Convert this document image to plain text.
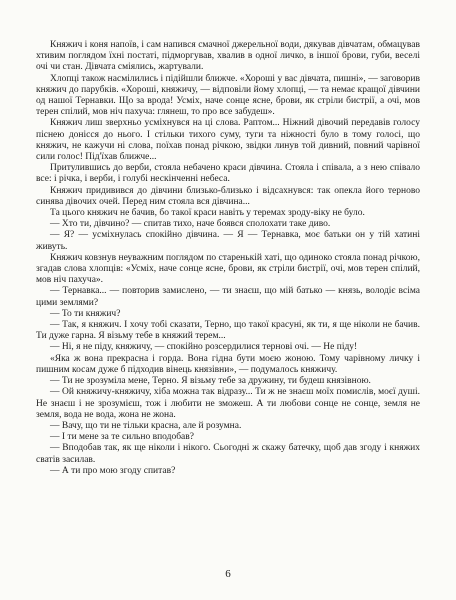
Княжич і коня напоїв, і сам напився смачної джерельної води, дякував дівчатам, обмацував хтивим поглядом їхні постаті, підморгував, хвалив в одної личко, в іншої брови, губи, веселі очі чи стан. Дівчата сміялись, жартували.

Хлопці також насмілились і підійшли ближче. «Хороші у вас дівчата, пишні», — заговорив княжич до парубків. «Хороші, княжичу, — відповіли йому хлопці, — та немає кращої дівчини од нашої Тернавки. Що за врода! Усміх, наче сонце ясне, брови, як стріли бистрії, а очі, мов терен спілий, мов ніч пахуча: глянеш, то про все забудеш».

Княжич лиш зверхньо усміхнувся на ці слова. Раптом... Ніжний дівочий передавів голосу піснею донісся до нього. І стільки тихого суму, туги та ніжності було в тому голосі, що княжич, не кажучи ні слова, поїхав понад річкою, звідки линув той дивний, повний чарівної сили голос! Під'їхав ближче...

Притулившись до верби, стояла небачено краси дівчина. Стояла і співала, а з нею співало все: і річка, і верби, і голубі нескінченні небеса.

Княжич придивився до дівчини близько-близько і відсахнувся: так опекла його терново синява дівочих очей. Перед ним стояла вся дівчина...

Та цього княжич не бачив, бо такої краси навіть у теремах зроду-віку не було.

— Хто ти, дівчино? — спитав тихо, наче боявся сполохати таке диво.

— Я? — усміхнулась спокійно дівчина. — Я — Тернавка, моє батьки он у тій хатині живуть.

Княжич ковзнув неуважним поглядом по старенькій хаті, що одиноко стояла понад річкою, згадав слова хлопців: «Усміх, наче сонце ясне, брови, як стріли бистрії, очі, мов терен спілий, мов ніч пахуча».

— Тернавка... — повторив замислено, — ти знаєш, що мій батько — князь, володіє всіма цими землями?

— То ти княжич?

— Так, я княжич. І хочу тобі сказати, Терно, що такої красуні, як ти, я ще ніколи не бачив. Ти дуже гарна. Я візьму тебе в княжий терем...

— Ні, я не піду, княжичу, — спокійно розсердилися тернові очі. — Не піду!

«Яка ж вона прекрасна і горда. Вона гідна бути моєю жоною. Тому чарівному личку і пишним косам дуже б підходив вінець князівни», — подумалось княжичу.

— Ти не зрозуміла мене, Терно. Я візьму тебе за дружину, ти будеш князівною.

— Ой княжичу-княжичу, хіба можна так відразу... Ти ж не знаєш моїх помислів, моєї душі. Не знаєш і не зрозумієш, тож і любити не зможеш. А ти любови сонце не сонце, земля не земля, вода не вода, жона не жона.

— Вачу, що ти не тільки красна, але й розумна.

— І ти мене за те сильно вподобав?

— Вподобав так, як ще ніколи і нікого. Сьогодні ж скажу батечку, щоб дав згоду і княжих сватів засилав.

— А ти про мою згоду спитав?

6
